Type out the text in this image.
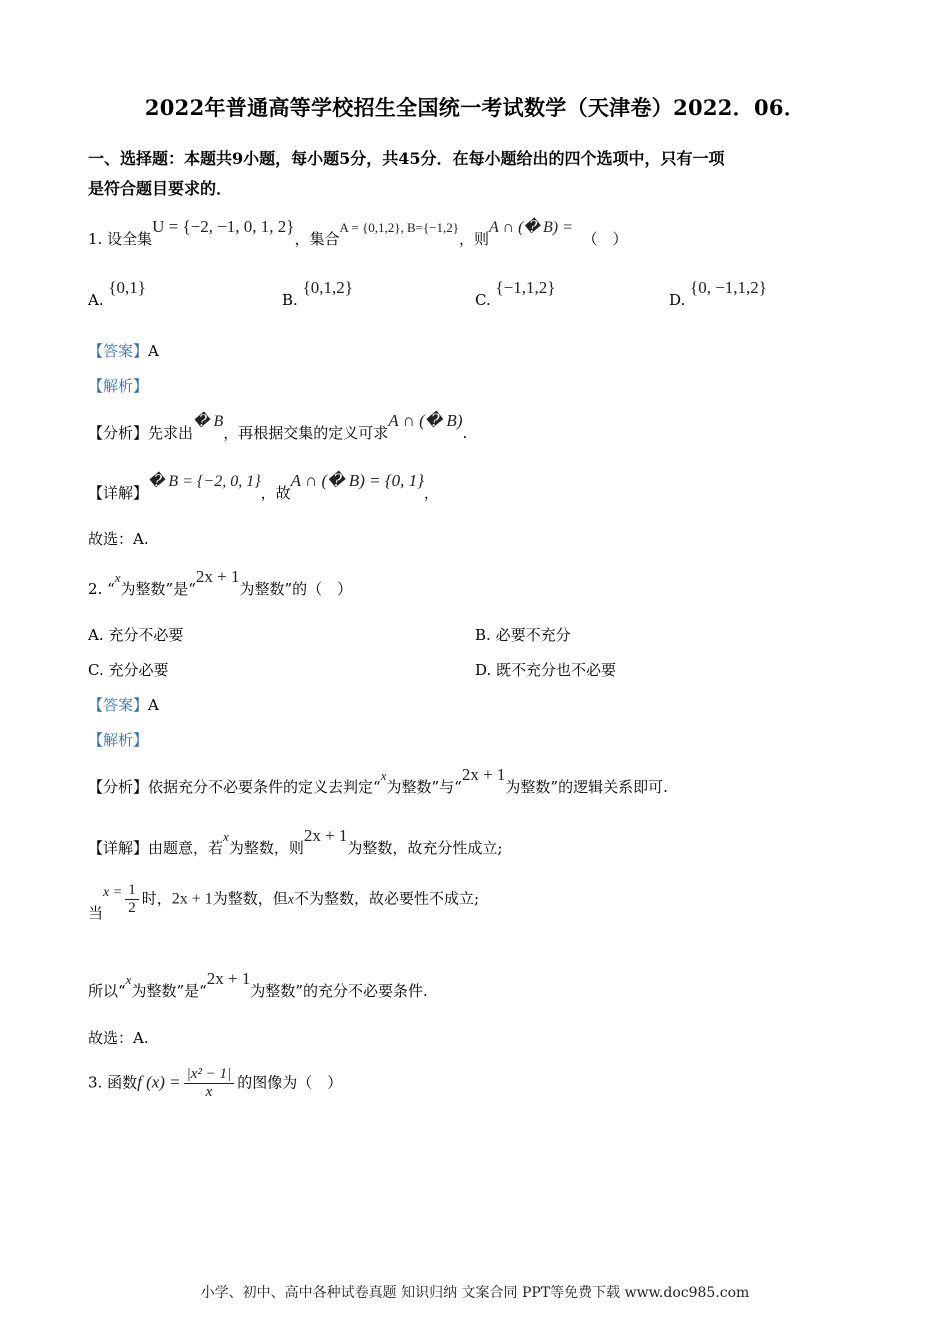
2022年普通高等学校招生全国统一考试数学（天津卷）2022．06．
一、选择题：本题共9小题，每小题5分，共45分．在每小题给出的四个选项中，只有一项
是符合题目要求的．
1. 设全集U = {−2, −1, 0, 1, 2}，集合A = {0,1,2}, B={−1,2}，则A ∩ (� B) =  （　）
A. {0,1}
B. {0,1,2}
C. {−1,1,2}
D. {0, −1,1,2}
【答案】A
【解析】
【分析】先求出� B，再根据交集的定义可求A ∩ (� B).
【详解】� B = {−2, 0, 1}，故A ∩ (� B) = {0, 1}，
故选：A.
2. “x为整数”是“2x + 1为整数”的（　）
A. 充分不必要	B. 必要不充分
C. 充分必要	D. 既不充分也不必要
【答案】A
【解析】
【分析】依据充分不必要条件的定义去判定“x为整数”与“2x + 1为整数”的逻辑关系即可.
【详解】由题意，若x为整数，则2x + 1为整数，故充分性成立;
当$x = \frac{1}{2}$ 时，2x + 1为整数，但x不为整数，故必要性不成立;
所以“x为整数”是“2x + 1为整数”的充分不必要条件.
故选：A.
3. 函数f $(x) = \frac{\text{|x² − 1|}}{x}$ 的图像为（　）
小学、初中、高中各种试卷真题 知识归纳 文案合同 PPT等免费下载 www.doc985.com
